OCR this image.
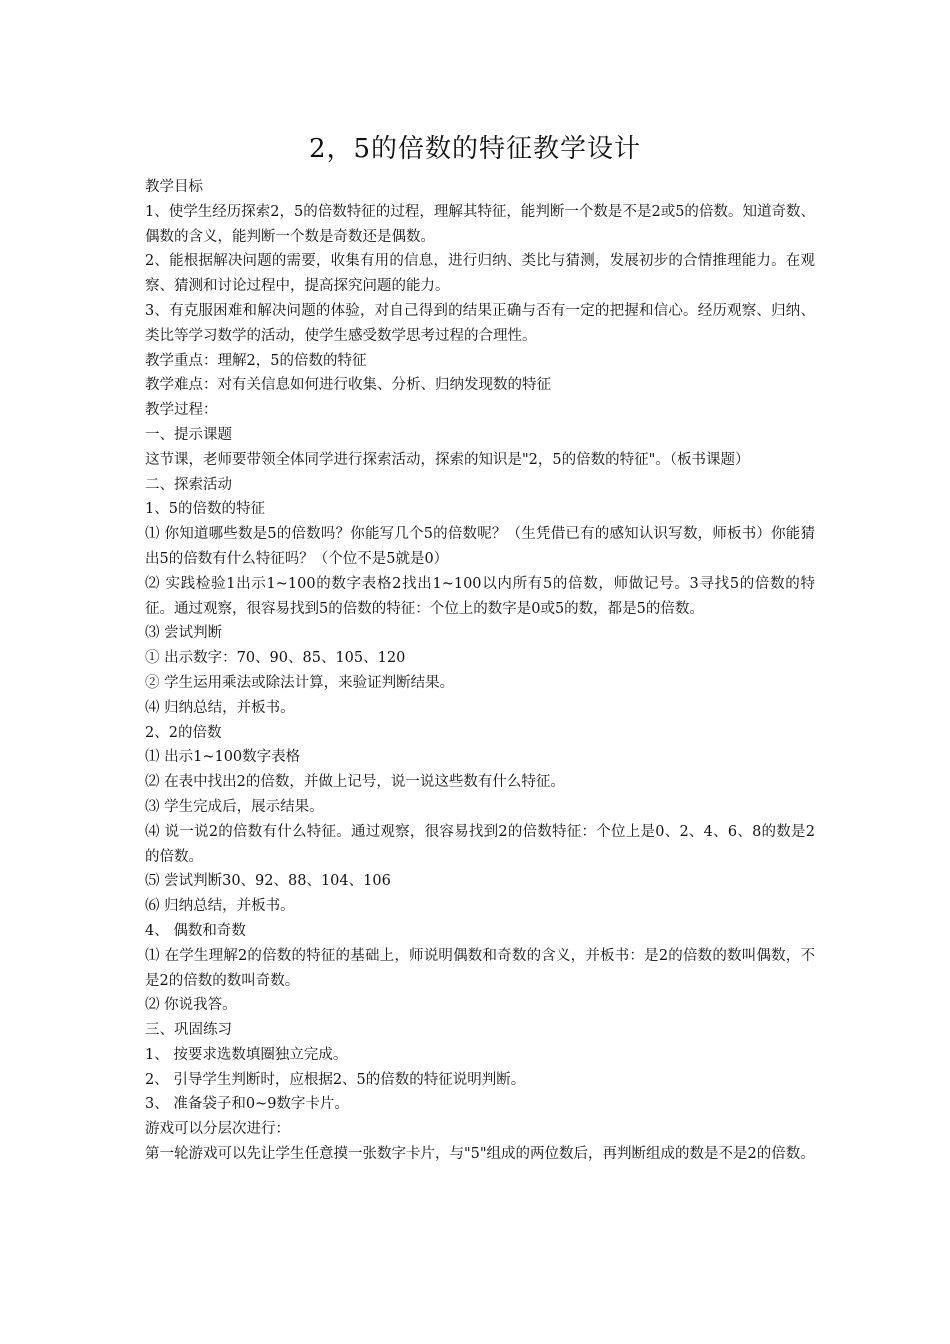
2，5的倍数的特征教学设计

教学目标

1、使学生经历探索2，5的倍数特征的过程，理解其特征，能判断一个数是不是2或5的倍数。知道奇数、偶数的含义，能判断一个数是奇数还是偶数。

2、能根据解决问题的需要，收集有用的信息，进行归纳、类比与猜测，发展初步的合情推理能力。在观察、猜测和讨论过程中，提高探究问题的能力。

3、有克服困难和解决问题的体验，对自己得到的结果正确与否有一定的把握和信心。经历观察、归纳、类比等学习数学的活动，使学生感受数学思考过程的合理性。

教学重点：理解2，5的倍数的特征

教学难点：对有关信息如何进行收集、分析、归纳发现数的特征

教学过程：

一、提示课题

这节课，老师要带领全体同学进行探索活动，探索的知识是"2，5的倍数的特征"。（板书课题）

二、探索活动

1、5的倍数的特征

⑴ 你知道哪些数是5的倍数吗？你能写几个5的倍数呢？（生凭借已有的感知认识写数，师板书）你能猜出5的倍数有什么特征吗？（个位不是5就是0）

⑵ 实践检验1出示1~100的数字表格2找出1~100以内所有5的倍数，师做记号。3寻找5的倍数的特征。通过观察，很容易找到5的倍数的特征：个位上的数字是0或5的数，都是5的倍数。

⑶ 尝试判断

① 出示数字：70、90、85、105、120

② 学生运用乘法或除法计算，来验证判断结果。

⑷ 归纳总结，并板书。

2、2的倍数

⑴ 出示1~100数字表格

⑵ 在表中找出2的倍数，并做上记号，说一说这些数有什么特征。

⑶ 学生完成后，展示结果。

⑷ 说一说2的倍数有什么特征。通过观察，很容易找到2的倍数特征：个位上是0、2、4、6、8的数是2的倍数。

⑸ 尝试判断30、92、88、104、106

⑹ 归纳总结，并板书。

4、 偶数和奇数

⑴ 在学生理解2的倍数的特征的基础上，师说明偶数和奇数的含义，并板书：是2的倍数的数叫偶数，不是2的倍数的数叫奇数。

⑵ 你说我答。

三、巩固练习

1、 按要求选数填圈独立完成。

2、 引导学生判断时，应根据2、5的倍数的特征说明判断。

3、 准备袋子和0~9数字卡片。

游戏可以分层次进行：

第一轮游戏可以先让学生任意摸一张数字卡片，与"5"组成的两位数后，再判断组成的数是不是2的倍数。
